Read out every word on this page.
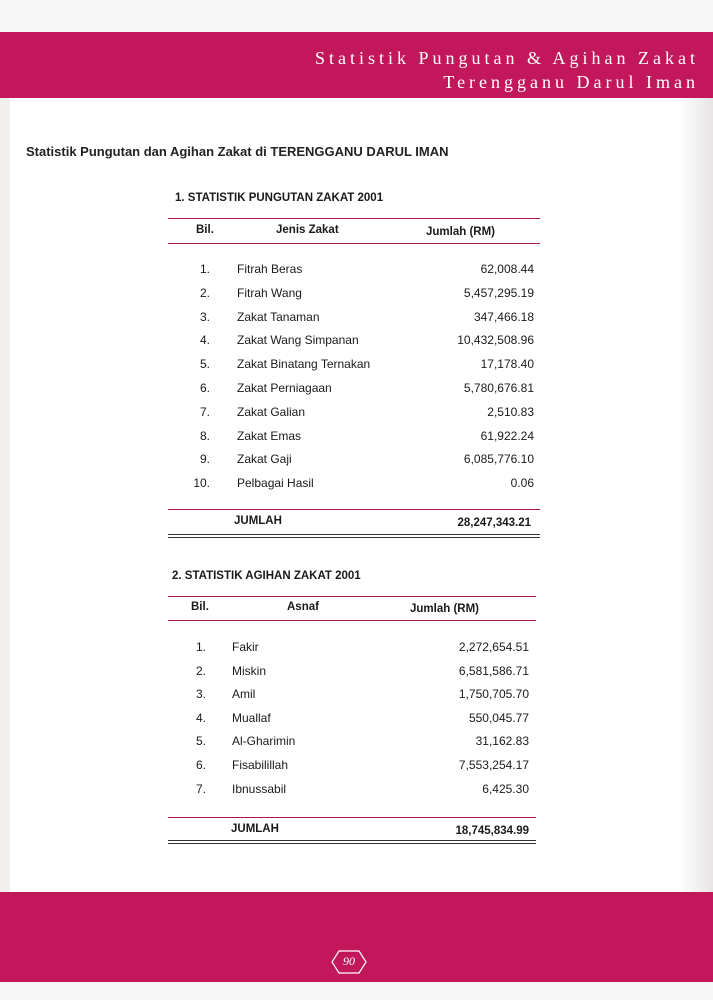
Statistik Pungutan & Agihan Zakat
Terengganu Darul Iman
Statistik Pungutan dan Agihan Zakat di TERENGGANU DARUL IMAN
1. STATISTIK PUNGUTAN ZAKAT 2001
Bil.	Jenis Zakat	Jumlah (RM)
1. Fitrah Beras	62,008.44
2. Fitrah Wang	5,457,295.19
3. Zakat Tanaman	347,466.18
4. Zakat Wang Simpanan	10,432,508.96
5. Zakat Binatang Ternakan	17,178.40
6. Zakat Perniagaan	5,780,676.81
7. Zakat Galian	2,510.83
8. Zakat Emas	61,922.24
9. Zakat Gaji	6,085,776.10
10. Pelbagai Hasil	0.06
JUMLAH	28,247,343.21
2. STATISTIK AGIHAN ZAKAT 2001
Bil.	Asnaf	Jumlah (RM)
1. Fakir	2,272,654.51
2. Miskin	6,581,586.71
3. Amil	1,750,705.70
4. Muallaf	550,045.77
5. Al-Gharimin	31,162.83
6. Fisabilillah	7,553,254.17
7. Ibnussabil	6,425.30
JUMLAH	18,745,834.99
90
